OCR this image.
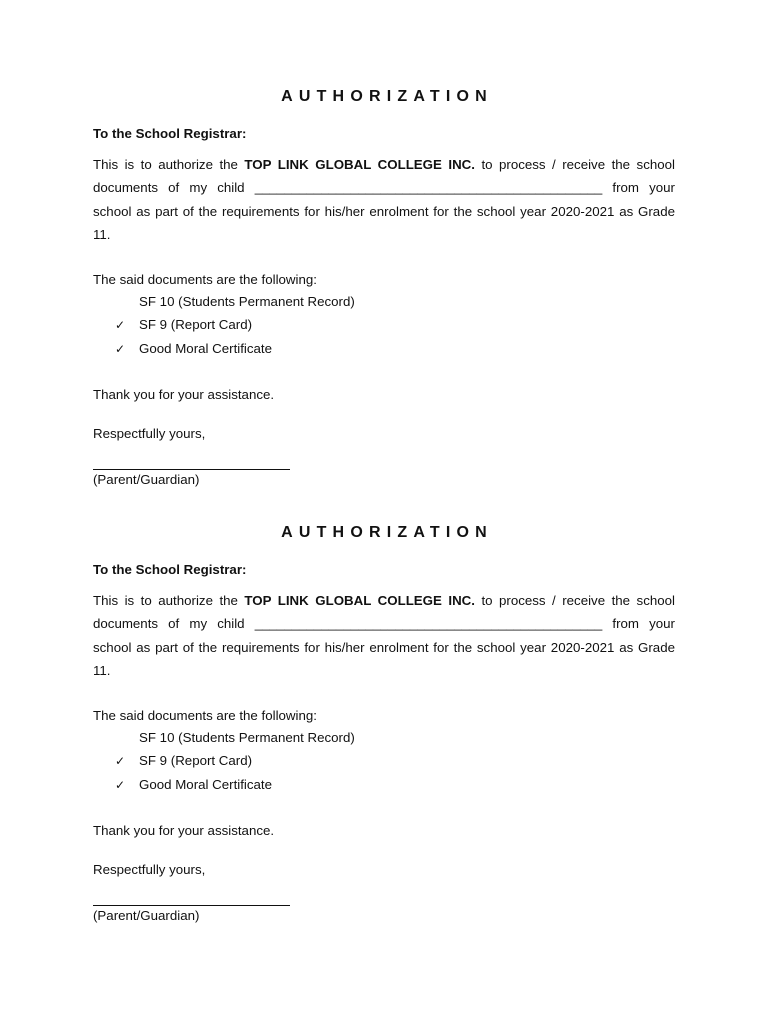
AUTHORIZATION

To the School Registrar:

This is to authorize the TOP LINK GLOBAL COLLEGE INC. to process / receive the school documents of my child _______________________________________________ from your school as part of the requirements for his/her enrolment for the school year 2020-2021 as Grade 11.

The said documents are the following:

SF 10 (Students Permanent Record)
✓ SF 9 (Report Card)
✓ Good Moral Certificate

Thank you for your assistance.

Respectfully yours,

(Parent/Guardian)

AUTHORIZATION

To the School Registrar:

This is to authorize the TOP LINK GLOBAL COLLEGE INC. to process / receive the school documents of my child _______________________________________________ from your school as part of the requirements for his/her enrolment for the school year 2020-2021 as Grade 11.

The said documents are the following:

SF 10 (Students Permanent Record)
✓ SF 9 (Report Card)
✓ Good Moral Certificate

Thank you for your assistance.

Respectfully yours,

(Parent/Guardian)
